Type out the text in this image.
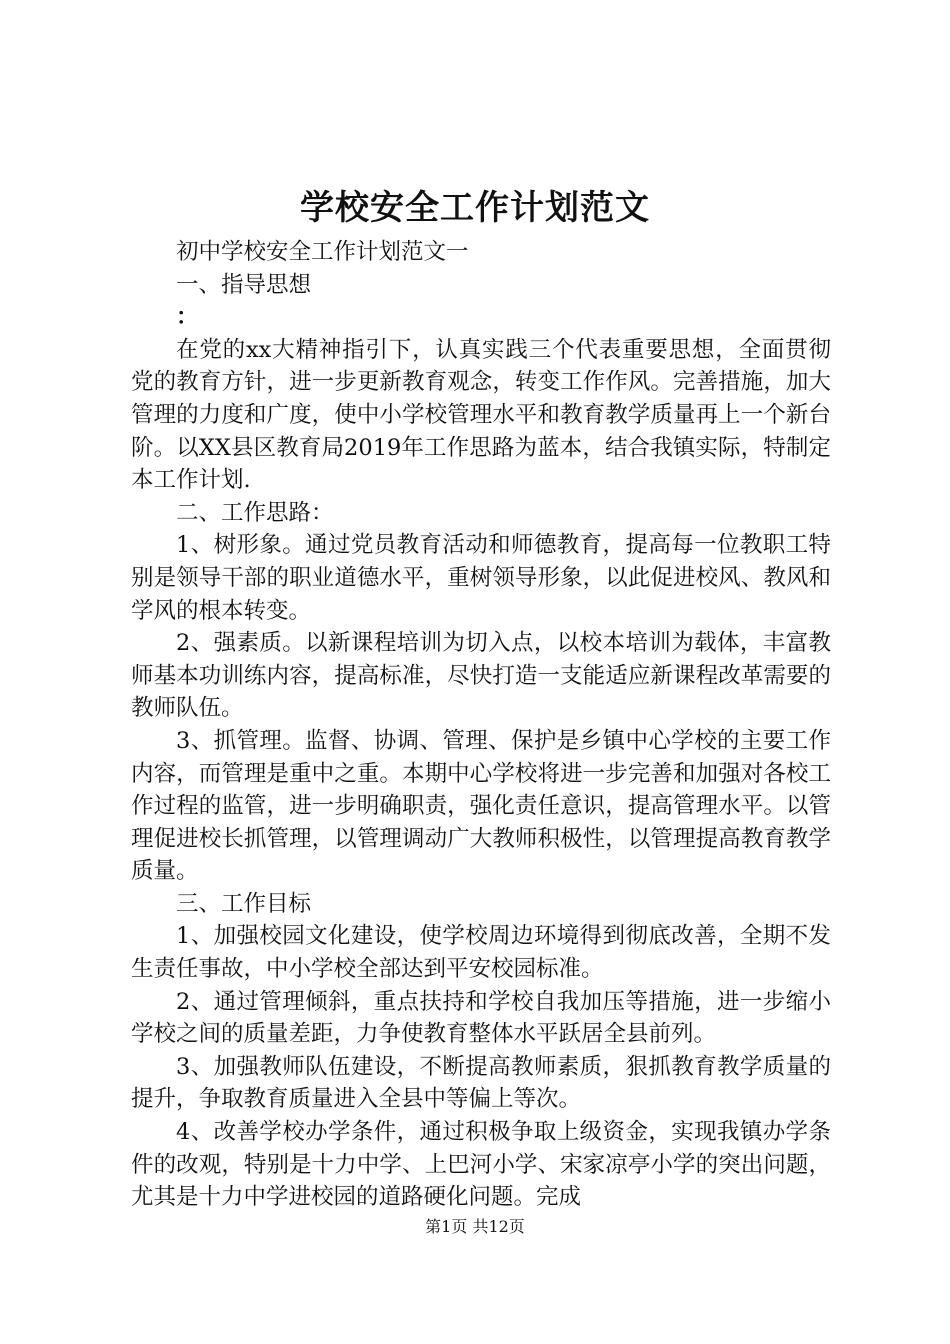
学校安全工作计划范文

初中学校安全工作计划范文一

一、指导思想

：

在党的xx大精神指引下，认真实践三个代表重要思想，全面贯彻党的教育方针，进一步更新教育观念，转变工作作风。完善措施，加大管理的力度和广度，使中小学校管理水平和教育教学质量再上一个新台阶。以XX县区教育局2019年工作思路为蓝本，结合我镇实际，特制定本工作计划.

二、工作思路：

1、树形象。通过党员教育活动和师德教育，提高每一位教职工特别是领导干部的职业道德水平，重树领导形象，以此促进校风、教风和学风的根本转变。

2、强素质。以新课程培训为切入点，以校本培训为载体，丰富教师基本功训练内容，提高标准，尽快打造一支能适应新课程改革需要的教师队伍。

3、抓管理。监督、协调、管理、保护是乡镇中心学校的主要工作内容，而管理是重中之重。本期中心学校将进一步完善和加强对各校工作过程的监管，进一步明确职责，强化责任意识，提高管理水平。以管理促进校长抓管理，以管理调动广大教师积极性，以管理提高教育教学质量。

三、工作目标

1、加强校园文化建设，使学校周边环境得到彻底改善，全期不发生责任事故，中小学校全部达到平安校园标准。

2、通过管理倾斜，重点扶持和学校自我加压等措施，进一步缩小学校之间的质量差距，力争使教育整体水平跃居全县前列。

3、加强教师队伍建设，不断提高教师素质，狠抓教育教学质量的提升，争取教育质量进入全县中等偏上等次。

4、改善学校办学条件，通过积极争取上级资金，实现我镇办学条件的改观，特别是十力中学、上巴河小学、宋家凉亭小学的突出问题，尤其是十力中学进校园的道路硬化问题。完成

第1页 共12页
